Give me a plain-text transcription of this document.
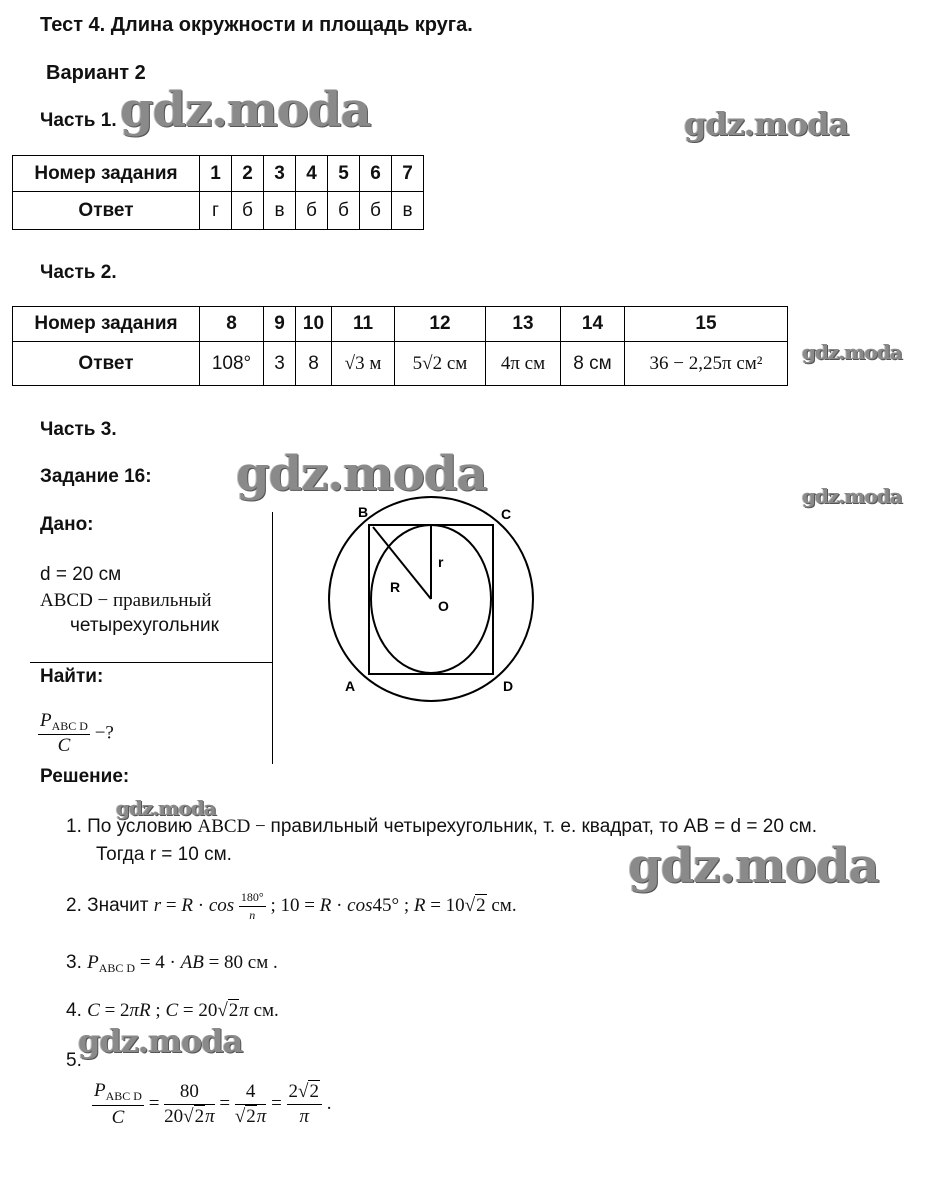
Тест 4. Длина окружности и площадь круга.
Вариант 2
Часть 1.
Номер задания	1	2	3	4	5	6	7
Ответ	г	б	в	б	б	б	в
Часть 2.
Номер задания	8	9	10	11	12	13	14	15
Ответ	108°	3	8	√3 м	5√2 см	4π см	8 см	36 − 2,25π см²
Часть 3.
Задание 16:
Дано:
d = 20 см
ABCD − правильный
четырехугольник
Найти:
$P_{ABC D}$
C
−?
B	C
A	D
O
R
r
Решение:
1. По условию ABCD − правильный четырехугольник, т. е. квадрат, то AB = d = 20 см.
Тогда r = 10 см.
2. Значит $r = R \cdot \cos \frac{180^\circ}{n}$ ; 10 = R · cos45° ; R = 10√2 см.
3. $P_{ABC D} = 4$ · AB = 80 см .
4. C = 2πR ; C = 20√2π см.
5.
$\frac{P_{ABC D}}{C} = \frac{80}{20√2\pi} = \frac{4}{√2\pi} = \frac{2√2}{\pi}$ .
gdz.moda	gdz.moda
gdz.moda
gdz.moda	gdz.moda
gdz.moda
gdz.moda
gdz.moda
